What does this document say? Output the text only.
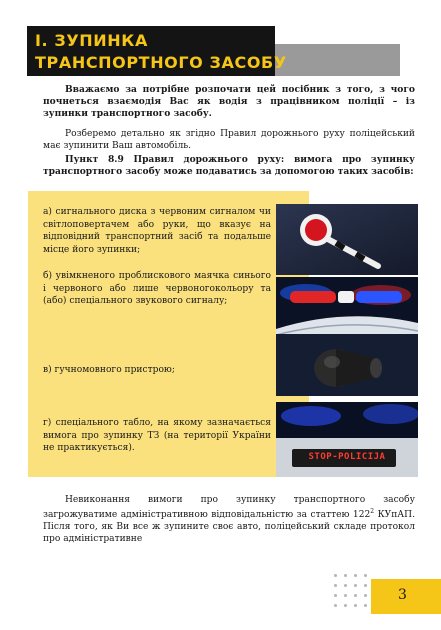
І. ЗУПИНКА
ТРАНСПОРТНОГО ЗАСОБУ

Вважаємо за потрібне розпочати цей посібник з того, з чого почнеться взаємодія Вас як водія з працівником поліції – із зупинки транспортного засобу.

Розберемо детально як згідно Правил дорожнього руху поліцейський має зупинити Ваш автомобіль.

Пункт 8.9 Правил дорожнього руху: вимога про зупинку транспортного засобу може подаватись за допомогою таких засобів:

а) сигнального диска з червоним сигналом чи світлоповертачем або руки, що вказує на відповідний транспортний засіб та подальше місце його зупинки;

б) увімкненого проблискового маячка синього і червоного або лише червоногокольору та (або) спеціального звукового сигналу;

в) гучномовного пристрою;

г) спеціального табло, на якому зазначається вимога про зупинку ТЗ (на території України не практикується).

STOP-POLICIJA

Невиконання вимоги про зупинку транспортного засобу загрожуватиме адміністративною відповідальністю за статтею $122^2$ КУпАП. Після того, як Ви все ж зупините своє авто, поліцейський складе протокол про адміністративне

3
